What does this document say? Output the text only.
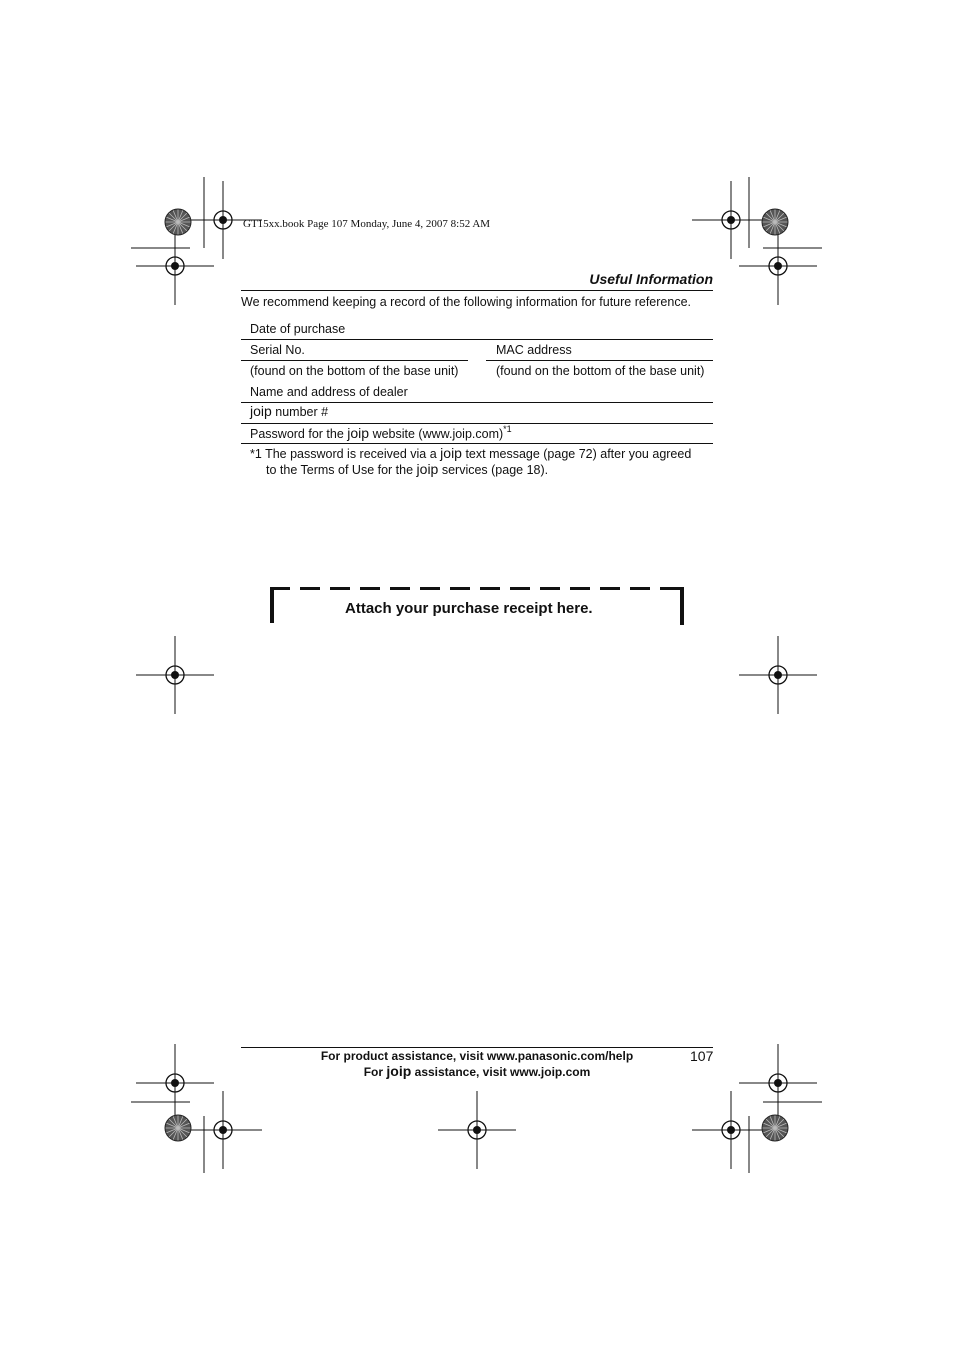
GT15xx.book Page 107 Monday, June 4, 2007 8:52 AM
Useful Information
We recommend keeping a record of the following information for future reference.
Date of purchase
Serial No.	MAC address
(found on the bottom of the base unit)	(found on the bottom of the base unit)
Name and address of dealer
joip number #
Password for the joip website (www.joip.com)$^{*1}$
*1 The password is received via a joip text message (page 72) after you agreed
to the Terms of Use for the joip services (page 18).
Attach your purchase receipt here.
For product assistance, visit www.panasonic.com/help
For joip assistance, visit www.joip.com
107
